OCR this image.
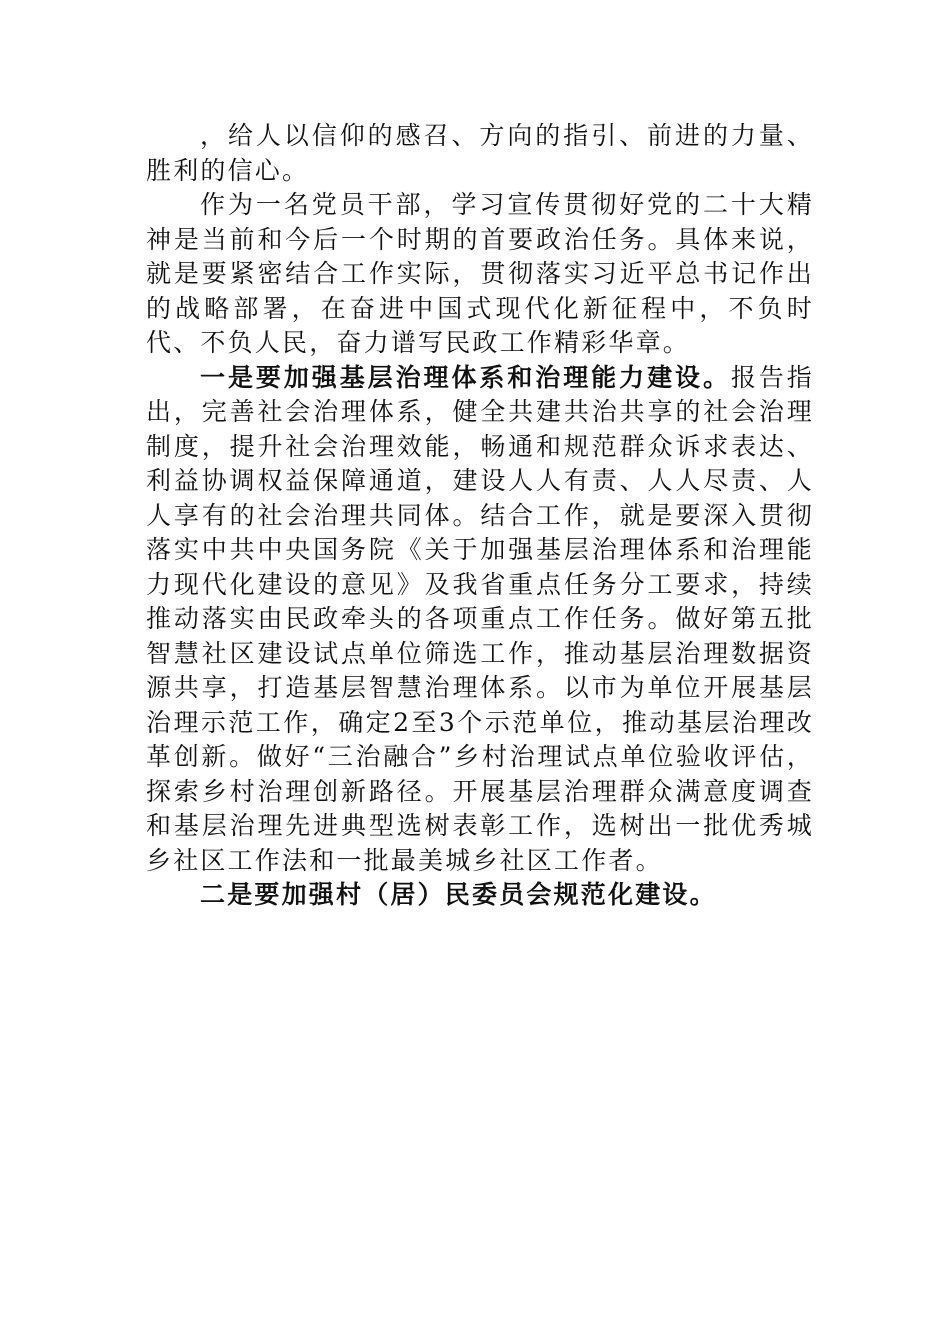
，给人以信仰的感召、方向的指引、前进的力量、胜利的信心。

作为一名党员干部，学习宣传贯彻好党的二十大精神是当前和今后一个时期的首要政治任务。具体来说，就是要紧密结合工作实际，贯彻落实习近平总书记作出的战略部署，在奋进中国式现代化新征程中，不负时代、不负人民，奋力谱写民政工作精彩华章。

一是要加强基层治理体系和治理能力建设。报告指出，完善社会治理体系，健全共建共治共享的社会治理制度，提升社会治理效能，畅通和规范群众诉求表达、利益协调权益保障通道，建设人人有责、人人尽责、人人享有的社会治理共同体。结合工作，就是要深入贯彻落实中共中央国务院《关于加强基层治理体系和治理能力现代化建设的意见》及我省重点任务分工要求，持续推动落实由民政牵头的各项重点工作任务。做好第五批智慧社区建设试点单位筛选工作，推动基层治理数据资源共享，打造基层智慧治理体系。以市为单位开展基层治理示范工作，确定2至3个示范单位，推动基层治理改革创新。做好“三治融合”乡村治理试点单位验收评估，探索乡村治理创新路径。开展基层治理群众满意度调查和基层治理先进典型选树表彰工作，选树出一批优秀城乡社区工作法和一批最美城乡社区工作者。

二是要加强村（居）民委员会规范化建设。
